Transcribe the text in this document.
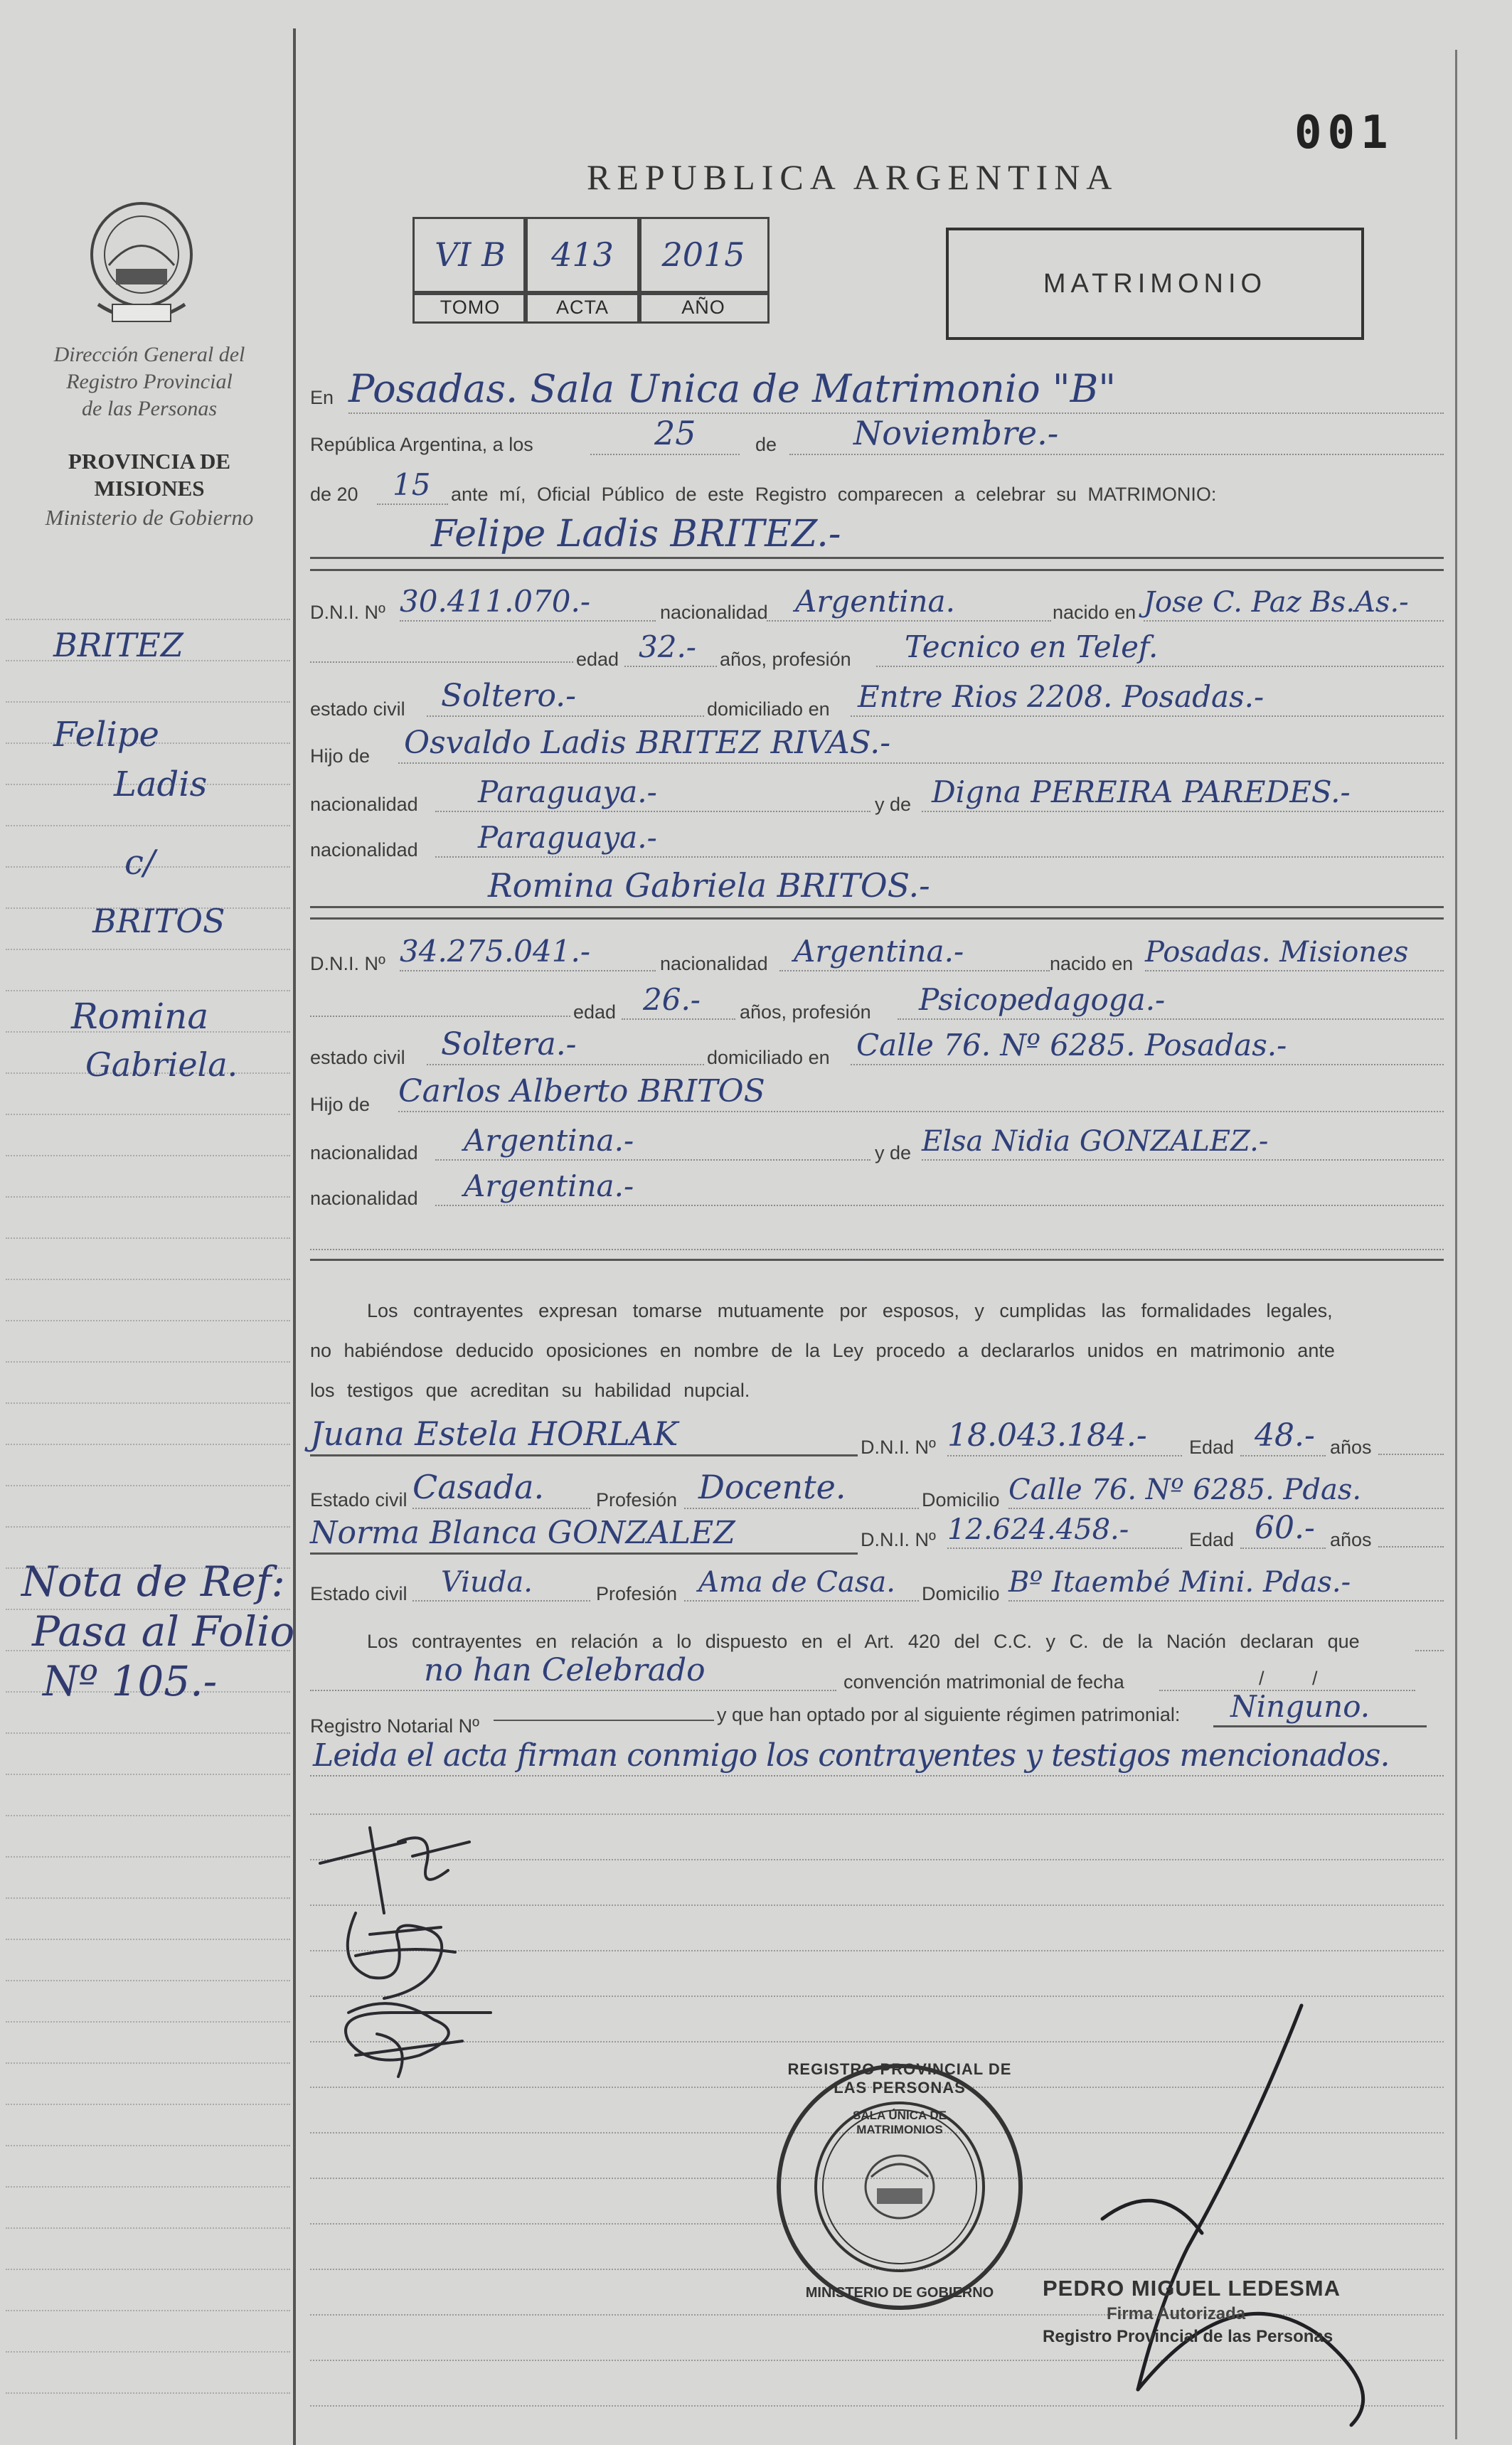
Dirección General del
Registro Provincial
de las Personas
PROVINCIA DE
MISIONES
Ministerio de Gobierno
BRITEZ
Felipe
Ladis
c/
BRITOS
Romina
Gabriela.
Nota de Ref:
Pasa al Folio
Nº 105.-
001
REPUBLICA ARGENTINA
VI B	413	2015
TOMO	ACTA	AÑO
MATRIMONIO
En Posadas. Sala Unica de Matrimonio "B"
República Argentina, a los	25	de Noviembre.-
de 20 15 ante mí, Oficial Público de este Registro comparecen a celebrar su MATRIMONIO:
Felipe Ladis BRITEZ.-
D.N.I. Nº 30.411.070.-	nacionalidad Argentina.	nacido en Jose C. Paz Bs.As.-
edad 32.- años, profesión Tecnico en Telef.
estado civil Soltero.-	domiciliado en Entre Rios 2208. Posadas.-
Hijo de Osvaldo Ladis BRITEZ RIVAS.-
nacionalidad Paraguaya.-	y de Digna PEREIRA PAREDES.-
nacionalidad Paraguaya.-
Romina Gabriela BRITOS.-
D.N.I. Nº 34.275.041.-	nacionalidad Argentina.-	nacido en Posadas. Misiones
edad 26.- años, profesión Psicopedagoga.-
estado civil Soltera.-	domiciliado en Calle 76. Nº 6285. Posadas.-
Hijo de Carlos Alberto BRITOS
nacionalidad Argentina.-	y de Elsa Nidia GONZALEZ.-
nacionalidad Argentina.-
Los contrayentes expresan tomarse mutuamente por esposos, y cumplidas las formalidades legales,
no habiéndose deducido oposiciones en nombre de la Ley procedo a declararlos unidos en matrimonio ante
los testigos que acreditan su habilidad nupcial.
Juana Estela HORLAK	D.N.I. Nº 18.043.184.- Edad 48.- años
Estado civil Casada.	Profesión Docente.	Domicilio Calle 76. Nº 6285. Pdas.
Norma Blanca GONZALEZ	D.N.I. Nº 12.624.458.-	Edad 60.- años
Estado civil Viuda.	Profesión Ama de Casa. Domicilio Bº Itaembé Mini. Pdas.-
Los contrayentes en relación a lo dispuesto en el Art. 420 del C.C. y C. de la Nación declaran que
no han Celebrado	convención matrimonial de fecha	/ /
Registro Notarial Nº
y que han optado por al siguiente régimen patrimonial: Ninguno.
Leida el acta firman conmigo los contrayentes y testigos mencionados.
REGISTRO PROVINCIAL DE LAS PERSONAS
SALA ÚNICA DE MATRIMONIOS
MINISTERIO DE GOBIERNO	PEDRO MIGUEL LEDESMA
Firma Autorizada
Registro Provincial de las Personas
